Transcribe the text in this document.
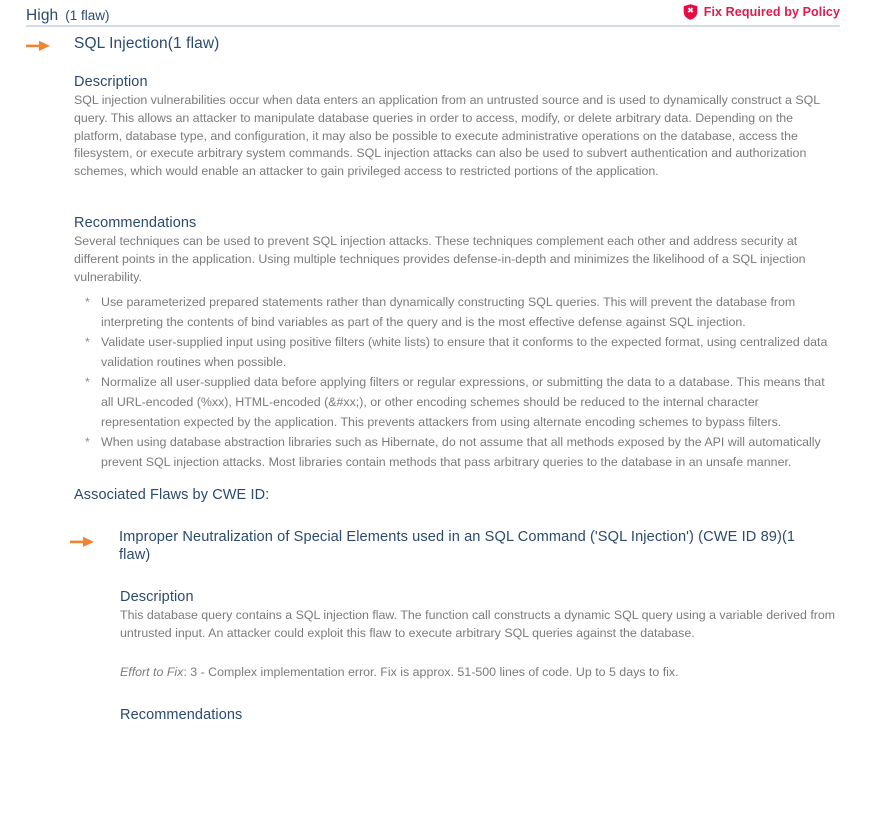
High (1 flaw)	Fix Required by Policy
SQL Injection(1 flaw)
Description

SQL injection vulnerabilities occur when data enters an application from an untrusted source and is used to dynamically construct a SQL query. This allows an attacker to manipulate database queries in order to access, modify, or delete arbitrary data. Depending on the platform, database type, and configuration, it may also be possible to execute administrative operations on the database, access the filesystem, or execute arbitrary system commands. SQL injection attacks can also be used to subvert authentication and authorization schemes, which would enable an attacker to gain privileged access to restricted portions of the application.

Recommendations

Several techniques can be used to prevent SQL injection attacks. These techniques complement each other and address security at different points in the application. Using multiple techniques provides defense-in-depth and minimizes the likelihood of a SQL injection vulnerability.

* Use parameterized prepared statements rather than dynamically constructing SQL queries. This will prevent the database from interpreting the contents of bind variables as part of the query and is the most effective defense against SQL injection.
* Validate user-supplied input using positive filters (white lists) to ensure that it conforms to the expected format, using centralized data validation routines when possible.
* Normalize all user-supplied data before applying filters or regular expressions, or submitting the data to a database. This means that all URL-encoded (%xx), HTML-encoded (&#xx;), or other encoding schemes should be reduced to the internal character representation expected by the application. This prevents attackers from using alternate encoding schemes to bypass filters.
* When using database abstraction libraries such as Hibernate, do not assume that all methods exposed by the API will automatically prevent SQL injection attacks. Most libraries contain methods that pass arbitrary queries to the database in an unsafe manner.
Associated Flaws by CWE ID:
Improper Neutralization of Special Elements used in an SQL Command ('SQL Injection') (CWE ID 89)(1 flaw)
Description

This database query contains a SQL injection flaw. The function call constructs a dynamic SQL query using a variable derived from untrusted input. An attacker could exploit this flaw to execute arbitrary SQL queries against the database.

Effort to Fix: 3 - Complex implementation error. Fix is approx. 51-500 lines of code. Up to 5 days to fix.
Recommendations
